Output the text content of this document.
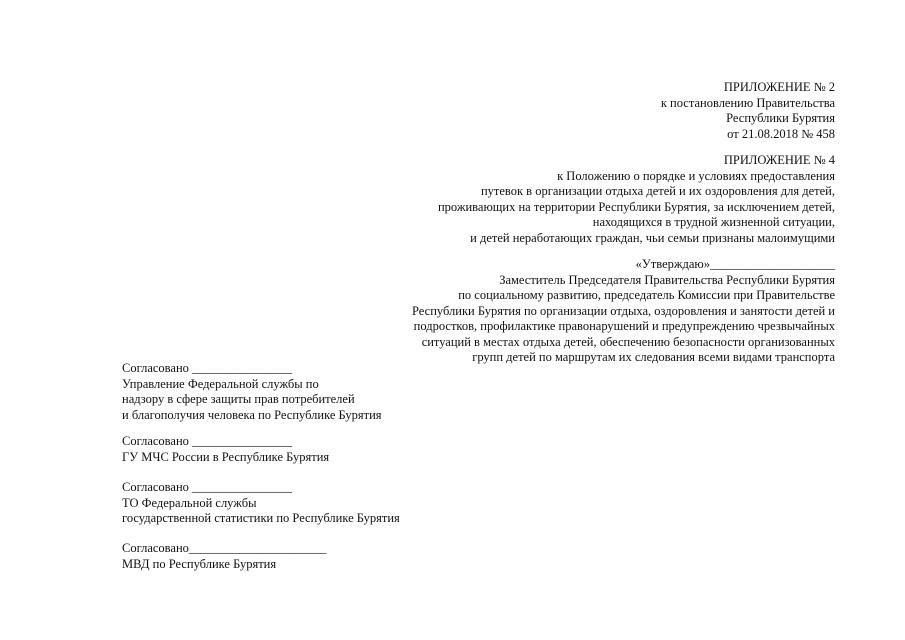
ПРИЛОЖЕНИЕ № 2
к постановлению Правительства
Республики Бурятия
от 21.08.2018 № 458
ПРИЛОЖЕНИЕ № 4
к Положению о порядке и условиях предоставления
путевок в организации отдыха детей и их оздоровления для детей,
проживающих на территории Республики Бурятия, за исключением детей,
находящихся в трудной жизненной ситуации,
и детей неработающих граждан, чьи семьи признаны малоимущими
«Утверждаю»____________________
Заместитель Председателя Правительства Республики Бурятия
по социальному развитию, председатель Комиссии при Правительстве
Республики Бурятия по организации отдыха, оздоровления и занятости детей и
подростков, профилактике правонарушений и предупреждению чрезвычайных
ситуаций в местах отдыха детей, обеспечению безопасности организованных
групп детей по маршрутам их следования всеми видами транспорта
Согласовано ________________
Управление Федеральной службы по
надзору в сфере защиты прав потребителей
и благополучия человека по Республике Бурятия
Согласовано ________________
ГУ МЧС России в Республике Бурятия
Согласовано ________________
ТО Федеральной службы
государственной статистики по Республике Бурятия
Согласовано______________________
МВД по Республике Бурятия
